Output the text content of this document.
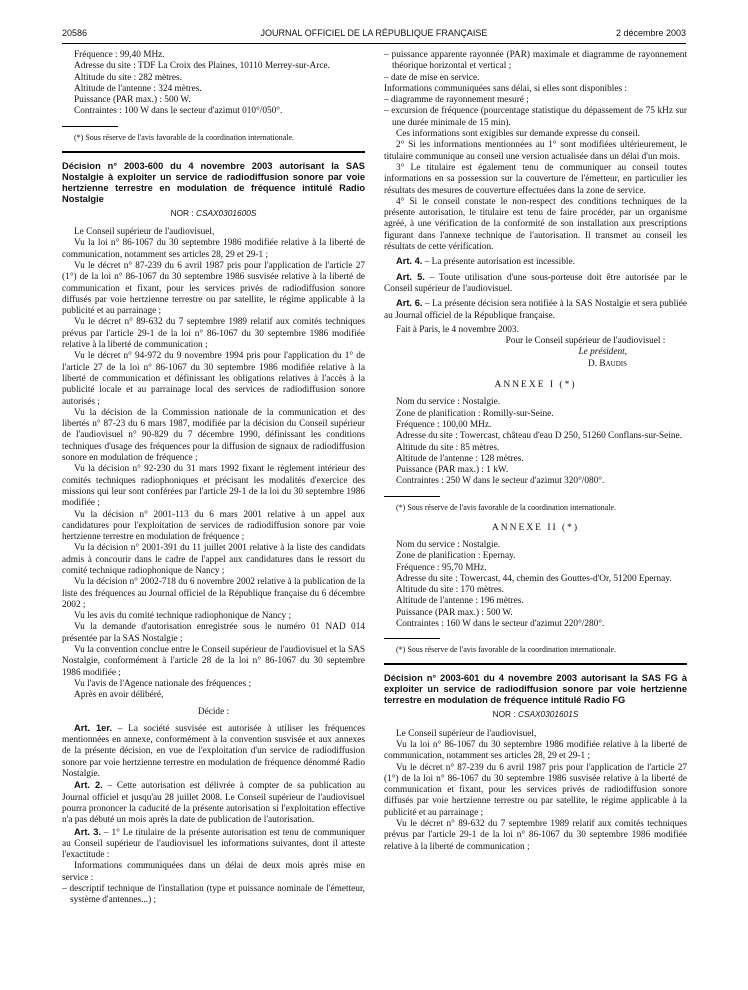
20586	JOURNAL OFFICIEL DE LA RÉPUBLIQUE FRANÇAISE	2 décembre 2003

Fréquence : 99,40 MHz.

Adresse du site : TDF La Croix des Plaines, 10110 Merrey-sur-Arce.

Altitude du site : 282 mètres.

Altitude de l'antenne : 324 mètres.

Puissance (PAR max.) : 500 W.

Contraintes : 100 W dans le secteur d'azimut 010°/050°.

(*) Sous réserve de l'avis favorable de la coordination internationale.

Décision n° 2003-600 du 4 novembre 2003 autorisant la SAS Nostalgie à exploiter un service de radiodiffusion sonore par voie hertzienne terrestre en modulation de fréquence intitulé Radio Nostalgie

NOR : CSAX0301600S

Le Conseil supérieur de l'audiovisuel,

Vu la loi n° 86-1067 du 30 septembre 1986 modifiée relative à la liberté de communication, notamment ses articles 28, 29 et 29-1 ;

Vu le décret n° 87-239 du 6 avril 1987 pris pour l'application de l'article 27 (1°) de la loi n° 86-1067 du 30 septembre 1986 susvisée relative à la liberté de communication et fixant, pour les services privés de radiodiffusion sonore diffusés par voie hertzienne terrestre ou par satellite, le régime applicable à la publicité et au parrainage ;

Vu le décret n° 89-632 du 7 septembre 1989 relatif aux comités techniques prévus par l'article 29-1 de la loi n° 86-1067 du 30 septembre 1986 modifiée relative à la liberté de communication ;

Vu le décret n° 94-972 du 9 novembre 1994 pris pour l'application du 1° de l'article 27 de la loi n° 86-1067 du 30 septembre 1986 modifiée relative à la liberté de communication et définissant les obligations relatives à l'accès à la publicité locale et au parrainage local des services de radiodiffusion sonore autorisés ;

Vu la décision de la Commission nationale de la communication et des libertés n° 87-23 du 6 mars 1987, modifiée par la décision du Conseil supérieur de l'audiovisuel n° 90-829 du 7 décembre 1990, définissant les conditions techniques d'usage des fréquences pour la diffusion de signaux de radiodiffusion sonore en modulation de fréquence ;

Vu la décision n° 92-230 du 31 mars 1992 fixant le règlement intérieur des comités techniques radiophoniques et précisant les modalités d'exercice des missions qui leur sont conférées par l'article 29-1 de la loi du 30 septembre 1986 modifiée ;

Vu la décision n° 2001-113 du 6 mars 2001 relative à un appel aux candidatures pour l'exploitation de services de radiodiffusion sonore par voie hertzienne terrestre en modulation de fréquence ;

Vu la décision n° 2001-391 du 11 juillet 2001 relative à la liste des candidats admis à concourir dans le cadre de l'appel aux candidatures dans le ressort du comité technique radiophonique de Nancy ;

Vu la décision n° 2002-718 du 6 novembre 2002 relative à la publication de la liste des fréquences au Journal officiel de la République française du 6 décembre 2002 ;

Vu les avis du comité technique radiophonique de Nancy ;

Vu la demande d'autorisation enregistrée sous le numéro 01 NAD 014 présentée par la SAS Nostalgie ;

Vu la convention conclue entre le Conseil supérieur de l'audiovisuel et la SAS Nostalgie, conformément à l'article 28 de la loi n° 86-1067 du 30 septembre 1986 modifiée ;

Vu l'avis de l'Agence nationale des fréquences ;

Après en avoir délibéré,

Décide :

Art. 1er. – La société susvisée est autorisée à utiliser les fréquences mentionnées en annexe, conformément à la convention susvisée et aux annexes de la présente décision, en vue de l'exploitation d'un service de radiodiffusion sonore par voie hertzienne terrestre en modulation de fréquence dénommé Radio Nostalgie.

Art. 2. – Cette autorisation est délivrée à compter de sa publication au Journal officiel et jusqu'au 28 juillet 2008. Le Conseil supérieur de l'audiovisuel pourra prononcer la caducité de la présente autorisation si l'exploitation effective n'a pas débuté un mois après la date de publication de l'autorisation.

Art. 3. – 1° Le titulaire de la présente autorisation est tenu de communiquer au Conseil supérieur de l'audiovisuel les informations suivantes, dont il atteste l'exactitude :

Informations communiquées dans un délai de deux mois après mise en service :

– descriptif technique de l'installation (type et puissance nominale de l'émetteur, système d'antennes...) ;

– puissance apparente rayonnée (PAR) maximale et diagramme de rayonnement théorique horizontal et vertical ;

– date de mise en service.

Informations communiquées sans délai, si elles sont disponibles :

– diagramme de rayonnement mesuré ;

– excursion de fréquence (pourcentage statistique du dépassement de 75 kHz sur une durée minimale de 15 min).

Ces informations sont exigibles sur demande expresse du conseil.

2° Si les informations mentionnées au 1° sont modifiées ultérieurement, le titulaire communique au conseil une version actualisée dans un délai d'un mois.

3° Le titulaire est également tenu de communiquer au conseil toutes informations en sa possession sur la couverture de l'émetteur, en particulier les résultats des mesures de couverture effectuées dans la zone de service.

4° Si le conseil constate le non-respect des conditions techniques de la présente autorisation, le titulaire est tenu de faire procéder, par un organisme agréé, à une vérification de la conformité de son installation aux prescriptions figurant dans l'annexe technique de l'autorisation. Il transmet au conseil les résultats de cette vérification.

Art. 4. – La présente autorisation est incessible.

Art. 5. – Toute utilisation d'une sous-porteuse doit être autorisée par le Conseil supérieur de l'audiovisuel.

Art. 6. – La présente décision sera notifiée à la SAS Nostalgie et sera publiée au Journal officiel de la République française.

Fait à Paris, le 4 novembre 2003.

Pour le Conseil supérieur de l'audiovisuel :

Le président,

D. Baudis

ANNEXE I (*)

Nom du service : Nostalgie.

Zone de planification : Romilly-sur-Seine.

Fréquence : 100,00 MHz.

Adresse du site : Towercast, château d'eau D 250, 51260 Conflans-sur-Seine.

Altitude du site : 85 mètres.

Altitude de l'antenne : 128 mètres.

Puissance (PAR max.) : 1 kW.

Contraintes : 250 W dans le secteur d'azimut 320°/080°.

(*) Sous réserve de l'avis favorable de la coordination internationale.

ANNEXE II (*)

Nom du service : Nostalgie.

Zone de planification : Epernay.

Fréquence : 95,70 MHz.

Adresse du site : Towercast, 44, chemin des Gouttes-d'Or, 51200 Epernay.

Altitude du site : 170 mètres.

Altitude de l'antenne : 196 mètres.

Puissance (PAR max.) : 500 W.

Contraintes : 160 W dans le secteur d'azimut 220°/280°.

(*) Sous réserve de l'avis favorable de la coordination internationale.

Décision n° 2003-601 du 4 novembre 2003 autorisant la SAS FG à exploiter un service de radiodiffusion sonore par voie hertzienne terrestre en modulation de fréquence intitulé Radio FG

NOR : CSAX0301601S

Le Conseil supérieur de l'audiovisuel,

Vu la loi n° 86-1067 du 30 septembre 1986 modifiée relative à la liberté de communication, notamment ses articles 28, 29 et 29-1 ;

Vu le décret n° 87-239 du 6 avril 1987 pris pour l'application de l'article 27 (1°) de la loi n° 86-1067 du 30 septembre 1986 susvisée relative à la liberté de communication et fixant, pour les services privés de radiodiffusion sonore diffusés par voie hertzienne terrestre ou par satellite, le régime applicable à la publicité et au parrainage ;

Vu le décret n° 89-632 du 7 septembre 1989 relatif aux comités techniques prévus par l'article 29-1 de la loi n° 86-1067 du 30 septembre 1986 modifiée relative à la liberté de communication ;
